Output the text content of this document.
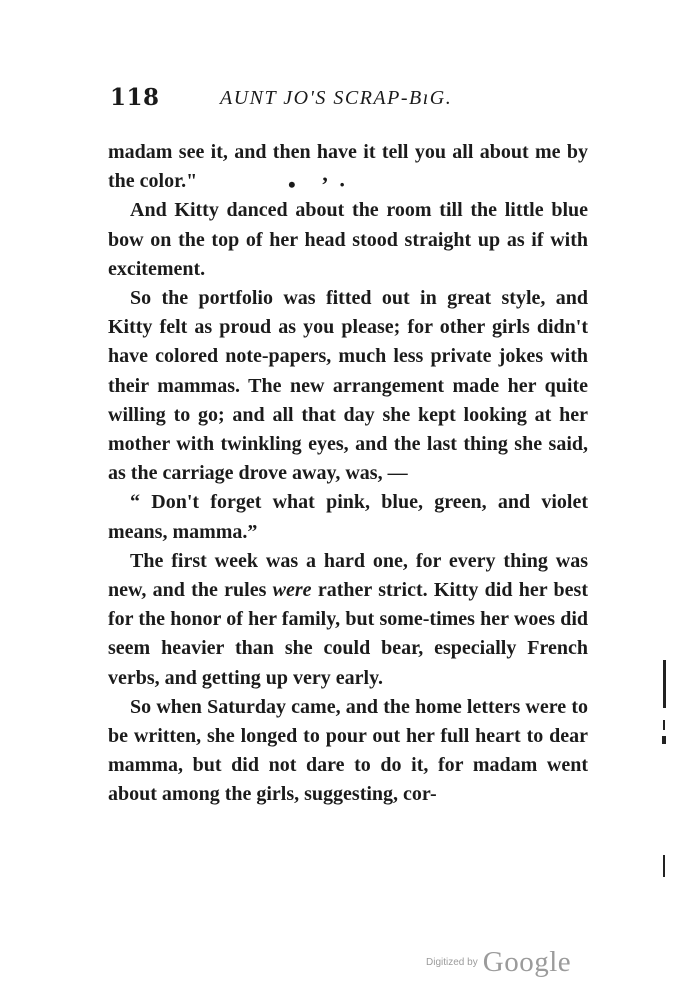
118	AUNT JO'S SCRAP-BıG.

madam see it, and then have it tell you all about me by the color."

And Kitty danced about the room till the little blue bow on the top of her head stood straight up as if with excitement.

So the portfolio was fitted out in great style, and Kitty felt as proud as you please; for other girls didn't have colored note-papers, much less private jokes with their mammas. The new arrangement made her quite willing to go; and all that day she kept looking at her mother with twinkling eyes, and the last thing she said, as the carriage drove away, was, —

“ Don't forget what pink, blue, green, and violet means, mamma.”

The first week was a hard one, for every thing was new, and the rules were rather strict. Kitty did her best for the honor of her family, but some-times her woes did seem heavier than she could bear, especially French verbs, and getting up very early.

So when Saturday came, and the home letters were to be written, she longed to pour out her full heart to dear mamma, but did not dare to do it, for madam went about among the girls, suggesting, cor-

• ’·
Digitized by Google
